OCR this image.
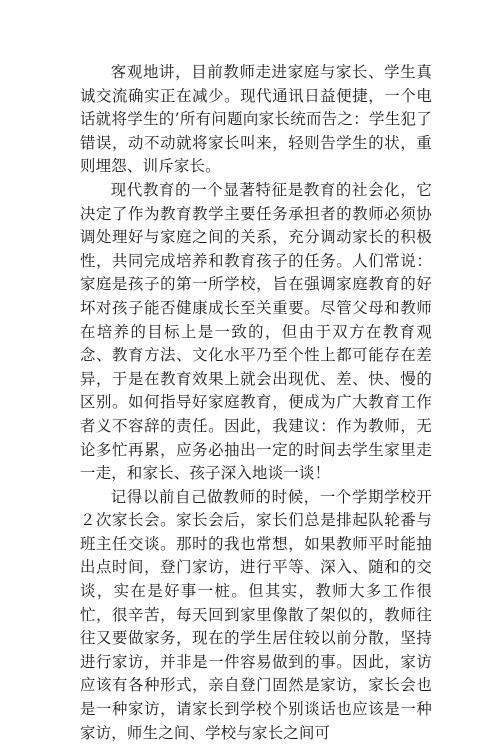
客观地讲，目前教师走进家庭与家长、学生真诚交流确实正在减少。现代通讯日益便捷，一个电话就将学生的’所有问题向家长统而告之：学生犯了错误，动不动就将家长叫来，轻则告学生的状，重则埋怨、训斥家长。

现代教育的一个显著特征是教育的社会化，它决定了作为教育教学主要任务承担者的教师必须协调处理好与家庭之间的关系，充分调动家长的积极性，共同完成培养和教育孩子的任务。人们常说：家庭是孩子的第一所学校，旨在强调家庭教育的好坏对孩子能否健康成长至关重要。尽管父母和教师在培养的目标上是一致的，但由于双方在教育观念、教育方法、文化水平乃至个性上都可能存在差异，于是在教育效果上就会出现优、差、快、慢的区别。如何指导好家庭教育，便成为广大教育工作者义不容辞的责任。因此，我建议：作为教师，无论多忙再累，应务必抽出一定的时间去学生家里走一走，和家长、孩子深入地谈一谈！

记得以前自己做教师的时候，一个学期学校开２次家长会。家长会后，家长们总是排起队轮番与班主任交谈。那时的我也常想，如果教师平时能抽出点时间，登门家访，进行平等、深入、随和的交谈，实在是好事一桩。但其实，教师大多工作很忙，很辛苦，每天回到家里像散了架似的，教师往往又要做家务，现在的学生居住较以前分散，坚持进行家访，并非是一件容易做到的事。因此，家访应该有各种形式，亲自登门固然是家访，家长会也是一种家访，请家长到学校个别谈话也应该是一种家访，师生之间、学校与家长之间可
